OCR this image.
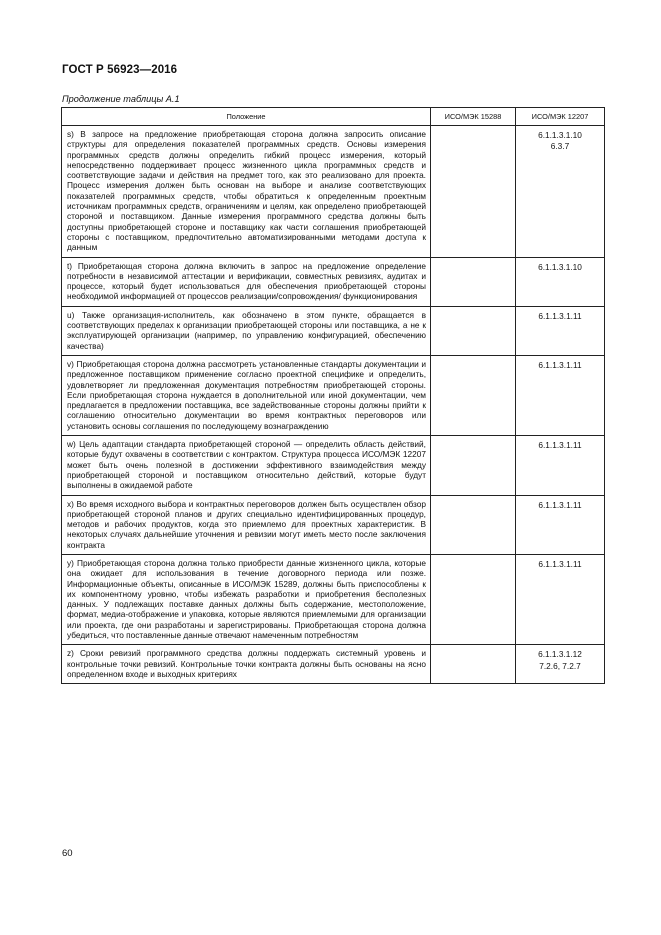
ГОСТ Р 56923—2016
Продолжение таблицы А.1
Положение	ИСО/МЭК 15288	ИСО/МЭК 12207
s) В запросе на предложение приобретающая сторона должна запросить описание структуры для определения показателей программных средств. Основы измерения программных средств должны определить гибкий процесс измерения, который непосредственно поддерживает процесс жизненного цикла программных средств и соответствующие задачи и действия на предмет того, как это реализовано для проекта. Процесс измерения должен быть основан на выборе и анализе соответствующих показателей программных средств, чтобы обратиться к определенным проектным источникам программных средств, ограничениям и целям, как определено приобретающей стороной и поставщиком. Данные измерения программного средства должны быть доступны приобретающей стороне и поставщику как части соглашения приобретающей стороны с поставщиком, предпочтительно автоматизированными методами доступа к данным		6.1.1.3.1.10
6.3.7

t) Приобретающая сторона должна включить в запрос на предложение определение потребности в независимой аттестации и верификации, совместных ревизиях, аудитах и процессе, который будет использоваться для обеспечения приобретающей стороны необходимой информацией от процессов реализации/сопровождения/ функционирования		6.1.1.3.1.10

u) Также организация-исполнитель, как обозначено в этом пункте, обращается в соответствующих пределах к организации приобретающей стороны или поставщика, а не к эксплуатирующей организации (например, по управлению конфигурацией, обеспечению качества)		6.1.1.3.1.11

v) Приобретающая сторона должна рассмотреть установленные стандарты документации и предложенное поставщиком применение согласно проектной специфике и определить, удовлетворяет ли предложенная документация потребностям приобретающей стороны. Если приобретающая сторона нуждается в дополнительной или иной документации, чем предлагается в предложении поставщика, все задействованные стороны должны прийти к соглашению относительно документации во время контрактных переговоров или установить основы соглашения по последующему вознаграждению		6.1.1.3.1.11

w) Цель адаптации стандарта приобретающей стороной — определить область действий, которые будут охвачены в соответствии с контрактом. Структура процесса ИСО/МЭК 12207 может быть очень полезной в достижении эффективного взаимодействия между приобретающей стороной и поставщиком относительно действий, которые будут выполнены в ожидаемой работе		6.1.1.3.1.11

x) Во время исходного выбора и контрактных переговоров должен быть осуществлен обзор приобретающей стороной планов и других специально идентифицированных процедур, методов и рабочих продуктов, когда это приемлемо для проектных характеристик. В некоторых случаях дальнейшие уточнения и ревизии могут иметь место после заключения контракта		6.1.1.3.1.11

y) Приобретающая сторона должна только приобрести данные жизненного цикла, которые она ожидает для использования в течение договорного периода или позже. Информационные объекты, описанные в ИСО/МЭК 15289, должны быть приспособлены к их компонентному уровню, чтобы избежать разработки и приобретения бесполезных данных. У подлежащих поставке данных должны быть содержание, местоположение, формат, медиа-отображение и упаковка, которые являются приемлемыми для организации или проекта, где они разработаны и зарегистрированы. Приобретающая сторона должна убедиться, что поставленные данные отвечают намеченным потребностям		6.1.1.3.1.11

z) Сроки ревизий программного средства должны поддержать системный уровень и контрольные точки ревизий. Контрольные точки контракта должны быть основаны на ясно определенном входе и выходных критериях		6.1.1.3.1.12
7.2.6, 7.2.7
60
